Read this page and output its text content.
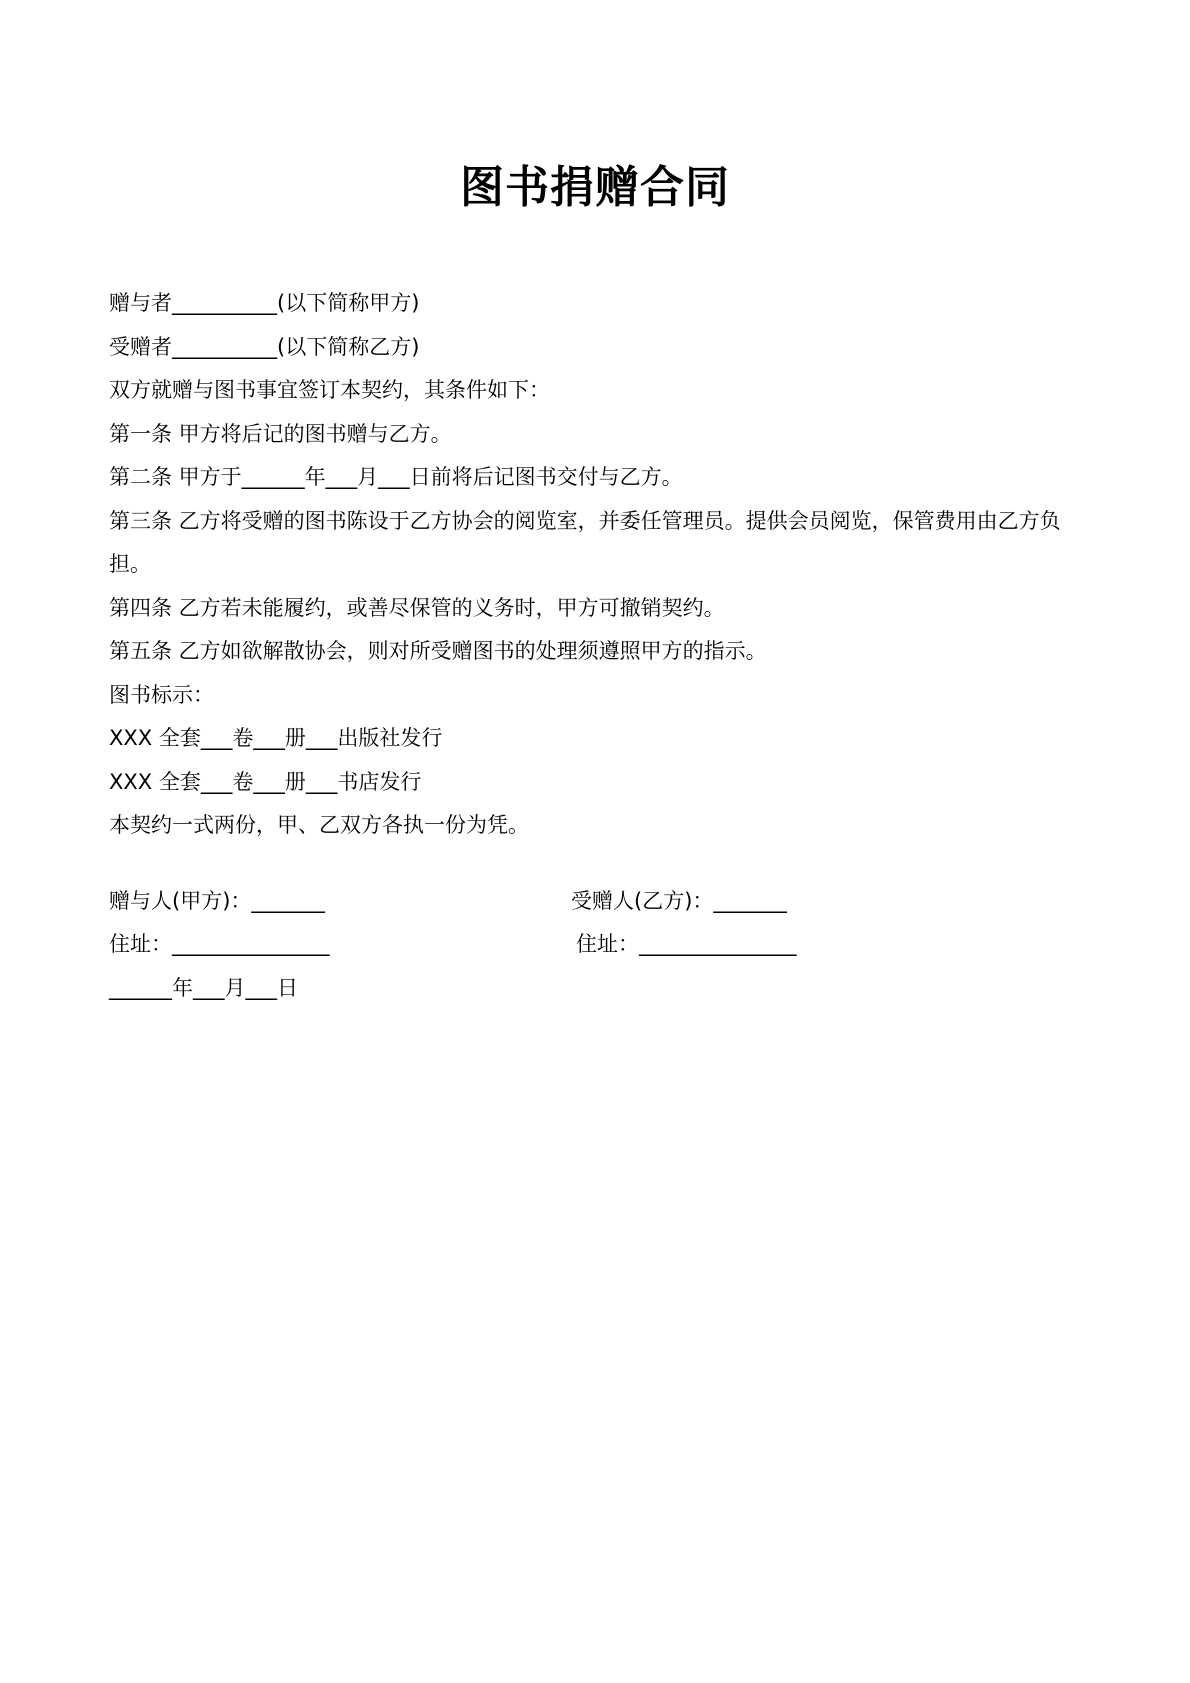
图书捐赠合同
赠与者__________(以下简称甲方)
受赠者__________(以下简称乙方)
双方就赠与图书事宜签订本契约，其条件如下：
第一条 甲方将后记的图书赠与乙方。
第二条 甲方于______年___月___日前将后记图书交付与乙方。
第三条 乙方将受赠的图书陈设于乙方协会的阅览室，并委任管理员。提供会员阅览，保管费用由乙方负担。
第四条 乙方若未能履约，或善尽保管的义务时，甲方可撤销契约。
第五条 乙方如欲解散协会，则对所受赠图书的处理须遵照甲方的指示。
图书标示：
XXX 全套___卷___册___出版社发行
XXX 全套___卷___册___书店发行
本契约一式两份，甲、乙双方各执一份为凭。
赠与人(甲方)：_______	受赠人(乙方)：_______
住址：_______________	住址：_______________
______年___月___日
